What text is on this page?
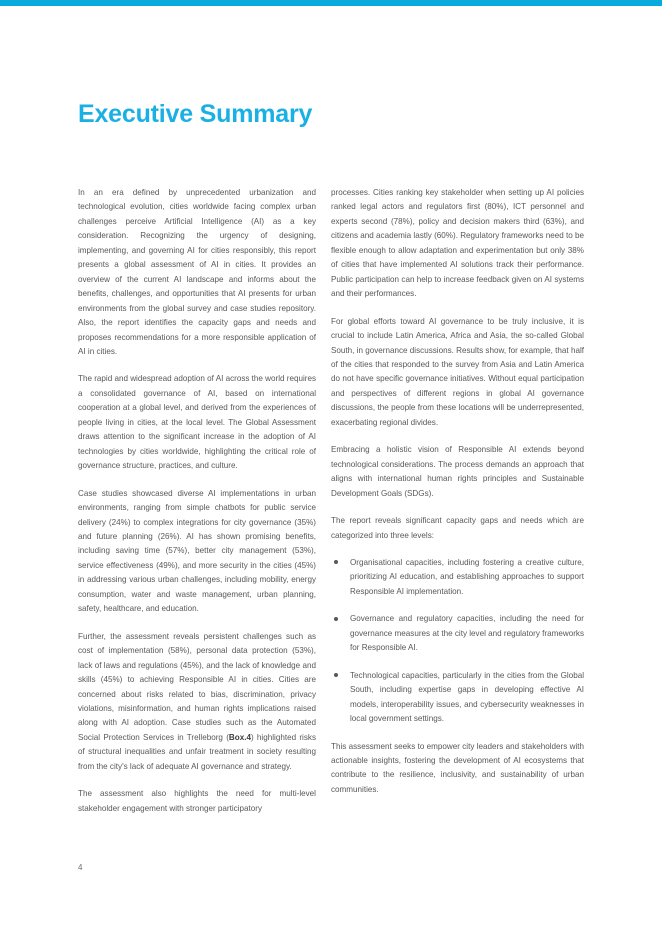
Executive Summary

In an era defined by unprecedented urbanization and technological evolution, cities worldwide facing complex urban challenges perceive Artificial Intelligence (AI) as a key consideration. Recognizing the urgency of designing, implementing, and governing AI for cities responsibly, this report presents a global assessment of AI in cities. It provides an overview of the current AI landscape and informs about the benefits, challenges, and opportunities that AI presents for urban environments from the global survey and case studies repository. Also, the report identifies the capacity gaps and needs and proposes recommendations for a more responsible application of AI in cities.

The rapid and widespread adoption of AI across the world requires a consolidated governance of AI, based on international cooperation at a global level, and derived from the experiences of people living in cities, at the local level. The Global Assessment draws attention to the significant increase in the adoption of AI technologies by cities worldwide, highlighting the critical role of governance structure, practices, and culture.

Case studies showcased diverse AI implementations in urban environments, ranging from simple chatbots for public service delivery (24%) to complex integrations for city governance (35%) and future planning (26%). AI has shown promising benefits, including saving time (57%), better city management (53%), service effectiveness (49%), and more security in the cities (45%) in addressing various urban challenges, including mobility, energy consumption, water and waste management, urban planning, safety, healthcare, and education.

Further, the assessment reveals persistent challenges such as cost of implementation (58%), personal data protection (53%), lack of laws and regulations (45%), and the lack of knowledge and skills (45%) to achieving Responsible AI in cities. Cities are concerned about risks related to bias, discrimination, privacy violations, misinformation, and human rights implications raised along with AI adoption. Case studies such as the Automated Social Protection Services in Trelleborg (Box.4) highlighted risks of structural inequalities and unfair treatment in society resulting from the city's lack of adequate AI governance and strategy.

The assessment also highlights the need for multi-level stakeholder engagement with stronger participatory

processes. Cities ranking key stakeholder when setting up AI policies ranked legal actors and regulators first (80%), ICT personnel and experts second (78%), policy and decision makers third (63%), and citizens and academia lastly (60%). Regulatory frameworks need to be flexible enough to allow adaptation and experimentation but only 38% of cities that have implemented AI solutions track their performance. Public participation can help to increase feedback given on AI systems and their performances.

For global efforts toward AI governance to be truly inclusive, it is crucial to include Latin America, Africa and Asia, the so-called Global South, in governance discussions. Results show, for example, that half of the cities that responded to the survey from Asia and Latin America do not have specific governance initiatives. Without equal participation and perspectives of different regions in global AI governance discussions, the people from these locations will be underrepresented, exacerbating regional divides.

Embracing a holistic vision of Responsible AI extends beyond technological considerations. The process demands an approach that aligns with international human rights principles and Sustainable Development Goals (SDGs).

The report reveals significant capacity gaps and needs which are categorized into three levels:

Organisational capacities, including fostering a creative culture, prioritizing AI education, and establishing approaches to support Responsible AI implementation.
Governance and regulatory capacities, including the need for governance measures at the city level and regulatory frameworks for Responsible AI.
Technological capacities, particularly in the cities from the Global South, including expertise gaps in developing effective AI models, interoperability issues, and cybersecurity weaknesses in local government settings.

This assessment seeks to empower city leaders and stakeholders with actionable insights, fostering the development of AI ecosystems that contribute to the resilience, inclusivity, and sustainability of urban communities.

4
